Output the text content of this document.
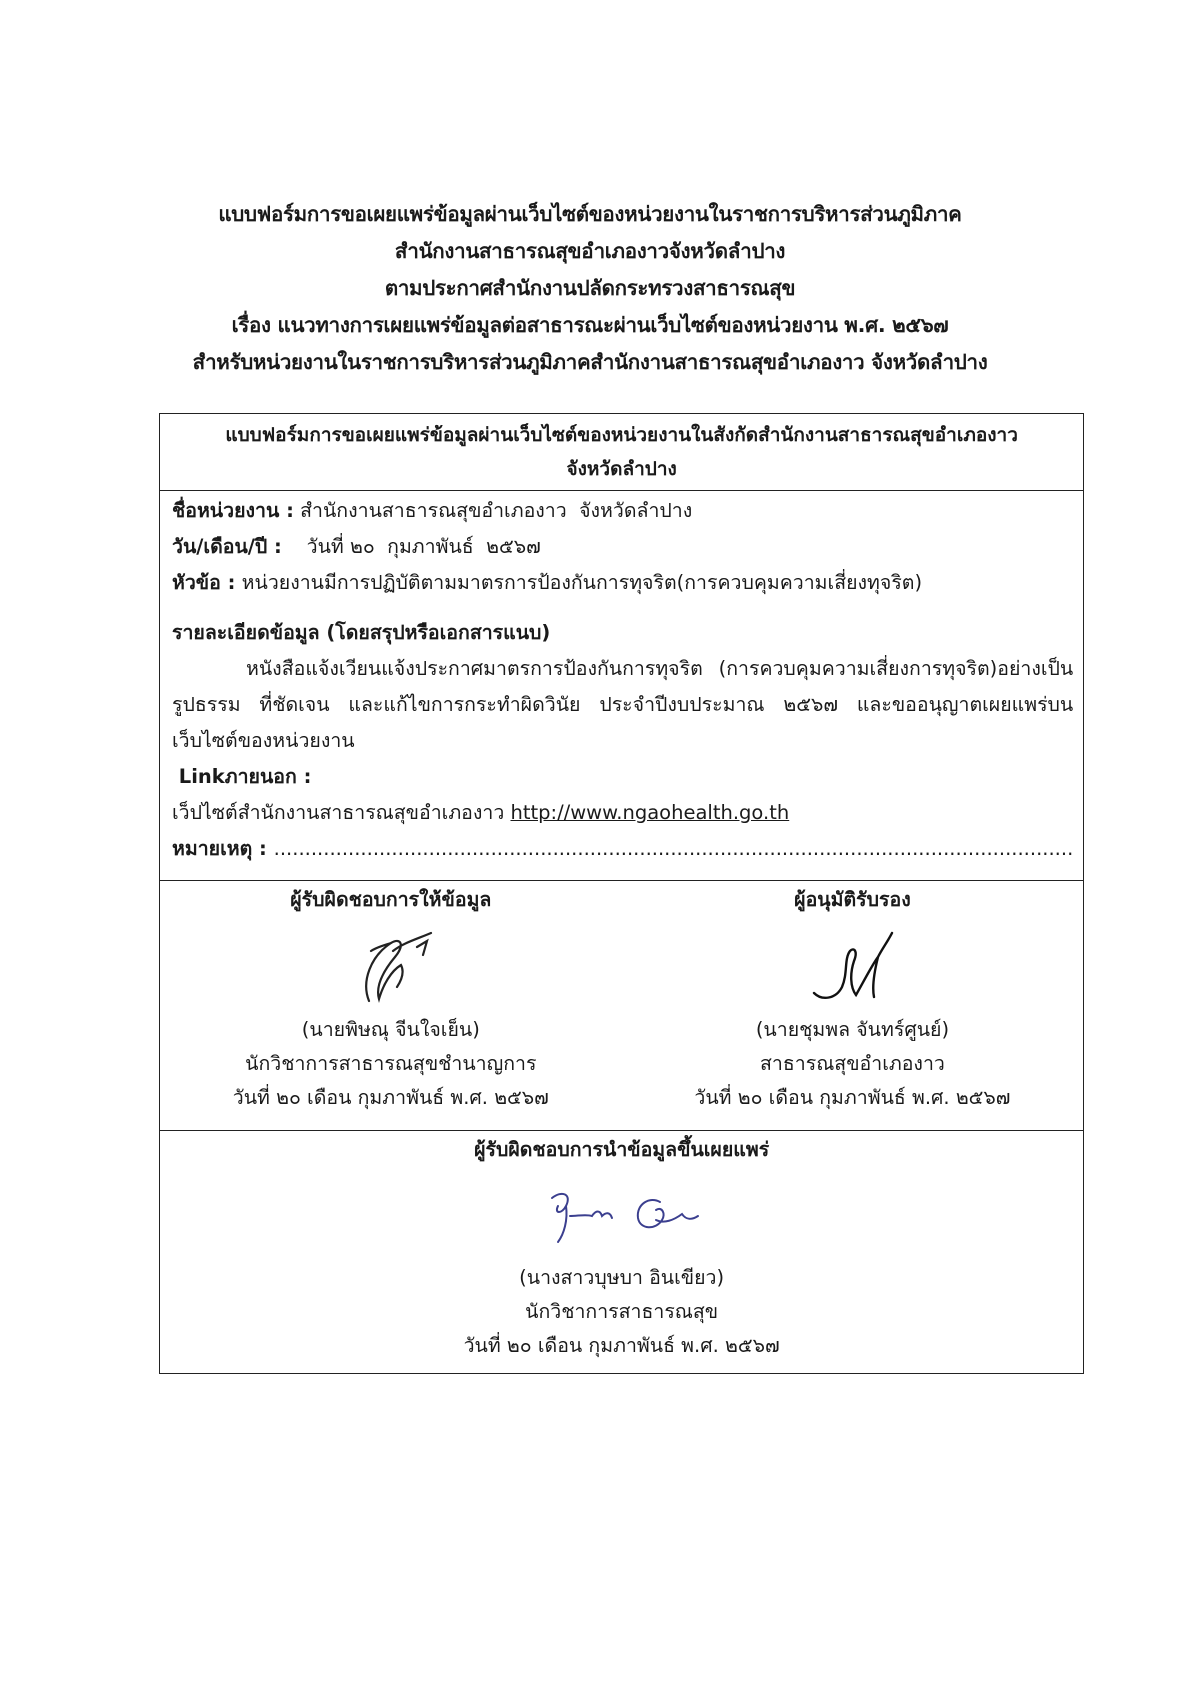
แบบฟอร์มการขอเผยแพร่ข้อมูลผ่านเว็บไซต์ของหน่วยงานในราชการบริหารส่วนภูมิภาค
สำนักงานสาธารณสุขอำเภองาวจังหวัดลำปาง
ตามประกาศสำนักงานปลัดกระทรวงสาธารณสุข
เรื่อง แนวทางการเผยแพร่ข้อมูลต่อสาธารณะผ่านเว็บไซต์ของหน่วยงาน พ.ศ. ๒๕๖๗
สำหรับหน่วยงานในราชการบริหารส่วนภูมิภาคสำนักงานสาธารณสุขอำเภองาว จังหวัดลำปาง
แบบฟอร์มการขอเผยแพร่ข้อมูลผ่านเว็บไซต์ของหน่วยงานในสังกัดสำนักงานสาธารณสุขอำเภองาว
จังหวัดลำปาง

ชื่อหน่วยงาน : สำนักงานสาธารณสุขอำเภองาว  จังหวัดลำปาง
วัน/เดือน/ปี :    วันที่ ๒๐  กุมภาพันธ์  ๒๕๖๗
หัวข้อ : หน่วยงานมีการปฏิบัติตามมาตรการป้องกันการทุจริต(การควบคุมความเสี่ยงทุจริต)
รายละเอียดข้อมูล (โดยสรุปหรือเอกสารแนบ)
หนังสือแจ้งเวียนแจ้งประกาศมาตรการป้องกันการทุจริต (การควบคุมความเสี่ยงการทุจริต)อย่างเป็นรูปธรรม ที่ชัดเจน และแก้ไขการกระทำผิดวินัย ประจำปีงบประมาณ ๒๕๖๗ และขออนุญาตเผยแพร่บนเว็บไซต์ของหน่วยงาน
Linkภายนอก :
เว็ปไซต์สำนักงานสาธารณสุขอำเภองาว http://www.ngaohealth.go.th
หมายเหตุ : .................................................................................................................................

ผู้รับผิดชอบการให้ข้อมูล
(นายพิษณุ จีนใจเย็น)
นักวิชาการสาธารณสุขชำนาญการ
วันที่ ๒๐ เดือน กุมภาพันธ์ พ.ศ. ๒๕๖๗

ผู้อนุมัติรับรอง
(นายชุมพล จันทร์ศูนย์)
สาธารณสุขอำเภองาว
วันที่ ๒๐ เดือน กุมภาพันธ์ พ.ศ. ๒๕๖๗

ผู้รับผิดชอบการนำข้อมูลขึ้นเผยแพร่
(นางสาวบุษบา อินเขียว)
นักวิชาการสาธารณสุข
วันที่ ๒๐ เดือน กุมภาพันธ์ พ.ศ. ๒๕๖๗
